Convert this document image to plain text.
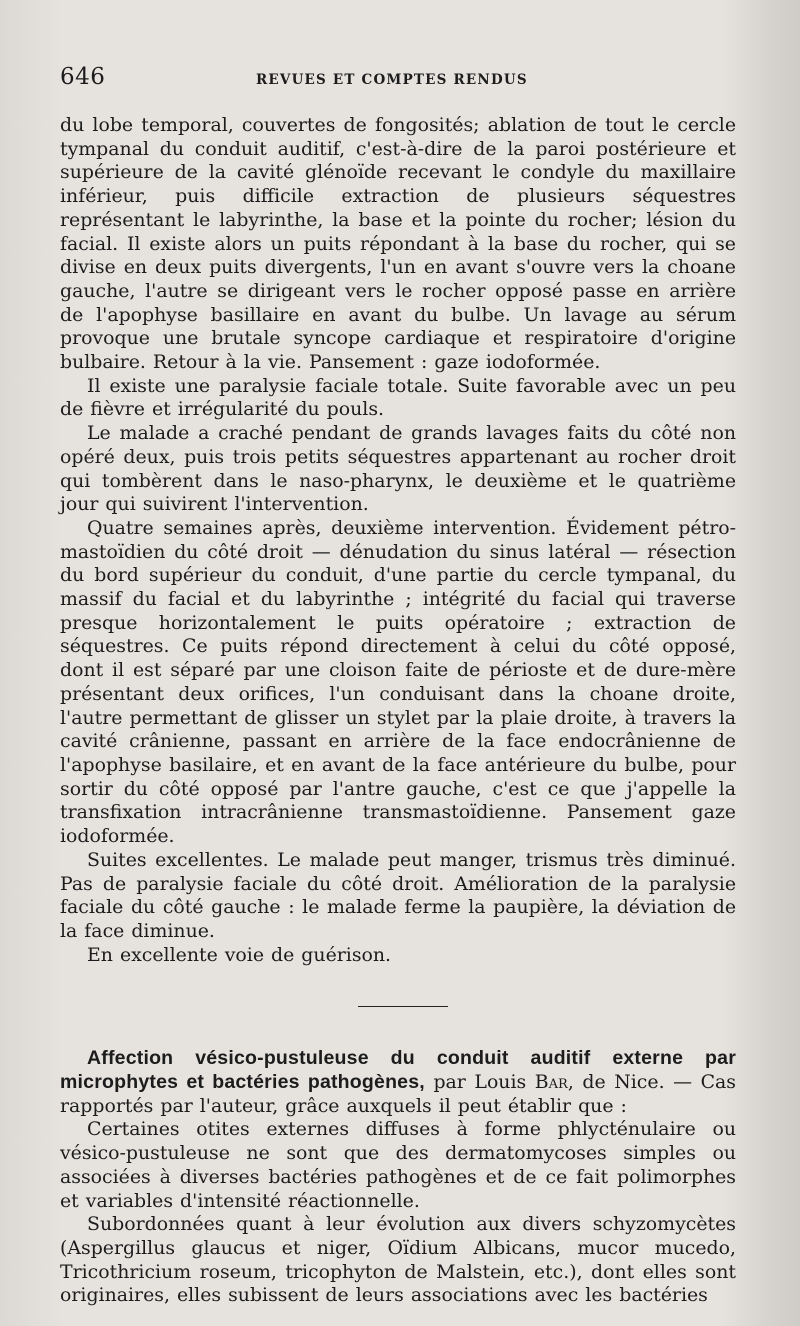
646	REVUES ET COMPTES RENDUS

du lobe temporal, couvertes de fongosités; ablation de tout le cercle tympanal du conduit auditif, c'est-à-dire de la paroi postérieure et supérieure de la cavité glénoïde recevant le condyle du maxillaire inférieur, puis difficile extraction de plusieurs séquestres représentant le labyrinthe, la base et la pointe du rocher; lésion du facial. Il existe alors un puits répondant à la base du rocher, qui se divise en deux puits divergents, l'un en avant s'ouvre vers la choane gauche, l'autre se dirigeant vers le rocher opposé passe en arrière de l'apophyse basillaire en avant du bulbe. Un lavage au sérum provoque une brutale syncope cardiaque et respiratoire d'origine bulbaire. Retour à la vie. Pansement : gaze iodoformée.

Il existe une paralysie faciale totale. Suite favorable avec un peu de fièvre et irrégularité du pouls.

Le malade a craché pendant de grands lavages faits du côté non opéré deux, puis trois petits séquestres appartenant au rocher droit qui tombèrent dans le naso-pharynx, le deuxième et le quatrième jour qui suivirent l'intervention.

Quatre semaines après, deuxième intervention. Évidement pétro-mastoïdien du côté droit — dénudation du sinus latéral — résection du bord supérieur du conduit, d'une partie du cercle tympanal, du massif du facial et du labyrinthe ; intégrité du facial qui traverse presque horizontalement le puits opératoire ; extraction de séquestres. Ce puits répond directement à celui du côté opposé, dont il est séparé par une cloison faite de périoste et de dure-mère présentant deux orifices, l'un conduisant dans la choane droite, l'autre permettant de glisser un stylet par la plaie droite, à travers la cavité crânienne, passant en arrière de la face endocrânienne de l'apophyse basilaire, et en avant de la face antérieure du bulbe, pour sortir du côté opposé par l'antre gauche, c'est ce que j'appelle la transfixation intracrânienne transmastoïdienne. Pansement gaze iodoformée.

Suites excellentes. Le malade peut manger, trismus très diminué. Pas de paralysie faciale du côté droit. Amélioration de la paralysie faciale du côté gauche : le malade ferme la paupière, la déviation de la face diminue.

En excellente voie de guérison.

Affection vésico-pustuleuse du conduit auditif externe par microphytes et bactéries pathogènes, par Louis Bar, de Nice. — Cas rapportés par l'auteur, grâce auxquels il peut établir que :

Certaines otites externes diffuses à forme phlycténulaire ou vésico-pustuleuse ne sont que des dermatomycoses simples ou associées à diverses bactéries pathogènes et de ce fait polimorphes et variables d'intensité réactionnelle.

Subordonnées quant à leur évolution aux divers schyzomycètes (Aspergillus glaucus et niger, Oïdium Albicans, mucor mucedo, Tricothricium roseum, tricophyton de Malstein, etc.), dont elles sont originaires, elles subissent de leurs associations avec les bactéries
